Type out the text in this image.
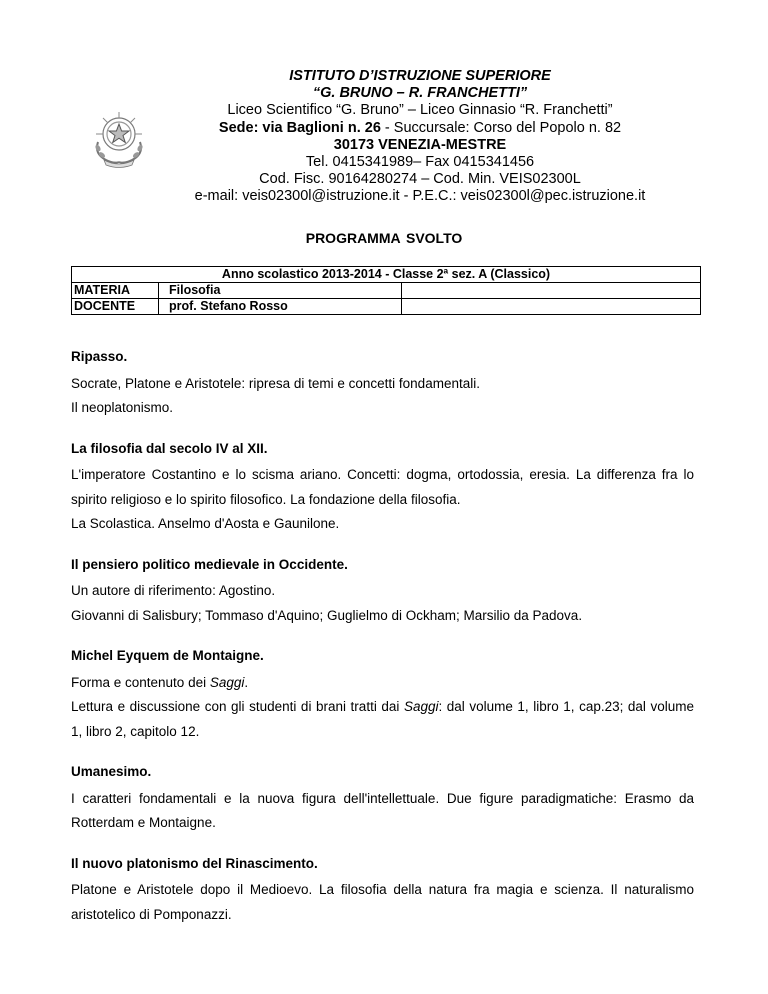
ISTITUTO D’ISTRUZIONE SUPERIORE
“G. BRUNO – R. FRANCHETTI”
Liceo Scientifico “G. Bruno” – Liceo Ginnasio “R. Franchetti”
Sede: via Baglioni n. 26 - Succursale: Corso del Popolo n. 82
30173 VENEZIA-MESTRE
Tel. 0415341989– Fax 0415341456
Cod. Fisc. 90164280274 – Cod. Min. VEIS02300L
e-mail: veis02300l@istruzione.it - P.E.C.: veis02300l@pec.istruzione.it
PROGRAMMA SVOLTO
Anno scolastico 2013-2014 - Classe 2ª sez. A (Classico)		
MATERIA	Filosofia	
DOCENTE	prof. Stefano Rosso	
Ripasso.

Socrate, Platone e Aristotele: ripresa di temi e concetti fondamentali.

Il neoplatonismo.

La filosofia dal secolo IV al XII.

L'imperatore Costantino e lo scisma ariano. Concetti: dogma, ortodossia, eresia. La differenza fra lo spirito religioso e lo spirito filosofico. La fondazione della filosofia.

La Scolastica. Anselmo d'Aosta e Gaunilone.

Il pensiero politico medievale in Occidente.

Un autore di riferimento: Agostino.

Giovanni di Salisbury; Tommaso d'Aquino; Guglielmo di Ockham; Marsilio da Padova.

Michel Eyquem de Montaigne.

Forma e contenuto dei Saggi.

Lettura e discussione con gli studenti di brani tratti dai Saggi: dal volume 1, libro 1, cap.23; dal volume 1, libro 2, capitolo 12.

Umanesimo.

I caratteri fondamentali e la nuova figura dell'intellettuale. Due figure paradigmatiche: Erasmo da Rotterdam e Montaigne.

Il nuovo platonismo del Rinascimento.

Platone e Aristotele dopo il Medioevo. La filosofia della natura fra magia e scienza. Il naturalismo aristotelico di Pomponazzi.
